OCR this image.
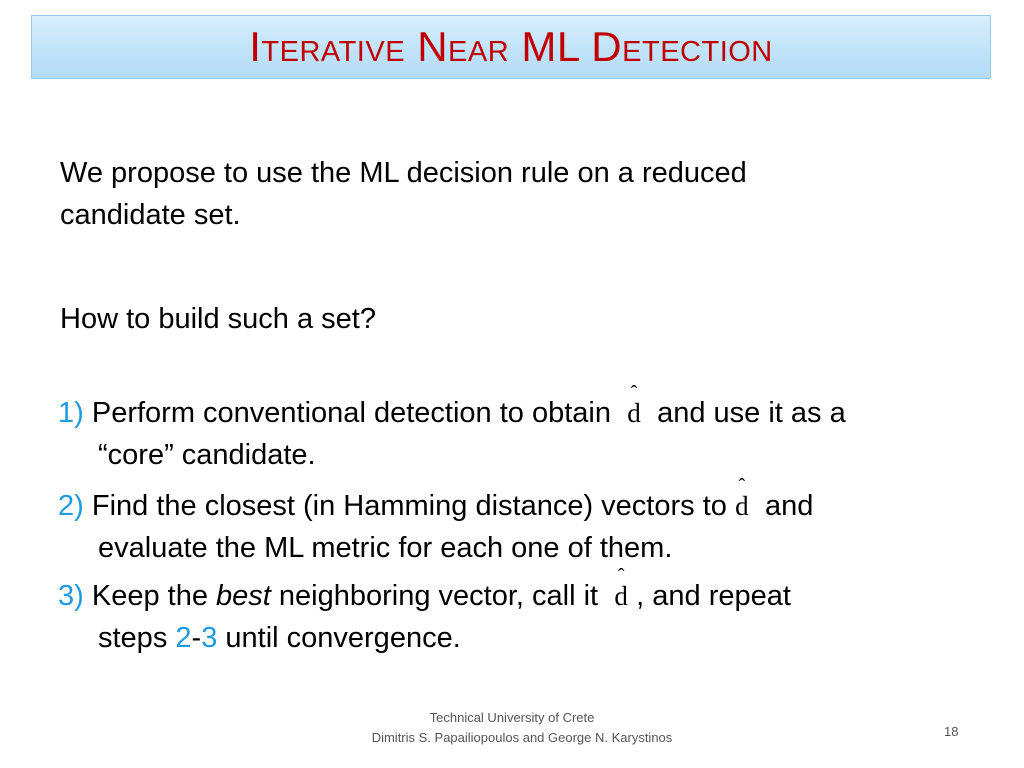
Iterative Near ML Detection
We propose to use the ML decision rule on a reduced
candidate set.
How to build such a set?
1) Perform conventional detection to obtain
ˆ
d and use it as a
“core” candidate.
2) Find the closest (in Hamming distance) vectors to
ˆ
d and
evaluate the ML metric for each one of them.
3) Keep the best neighboring vector, call it
ˆ
d , and repeat
steps 2-3 until convergence.
Technical University of Crete
Dimitris S. Papailiopoulos and George N. Karystinos	18
